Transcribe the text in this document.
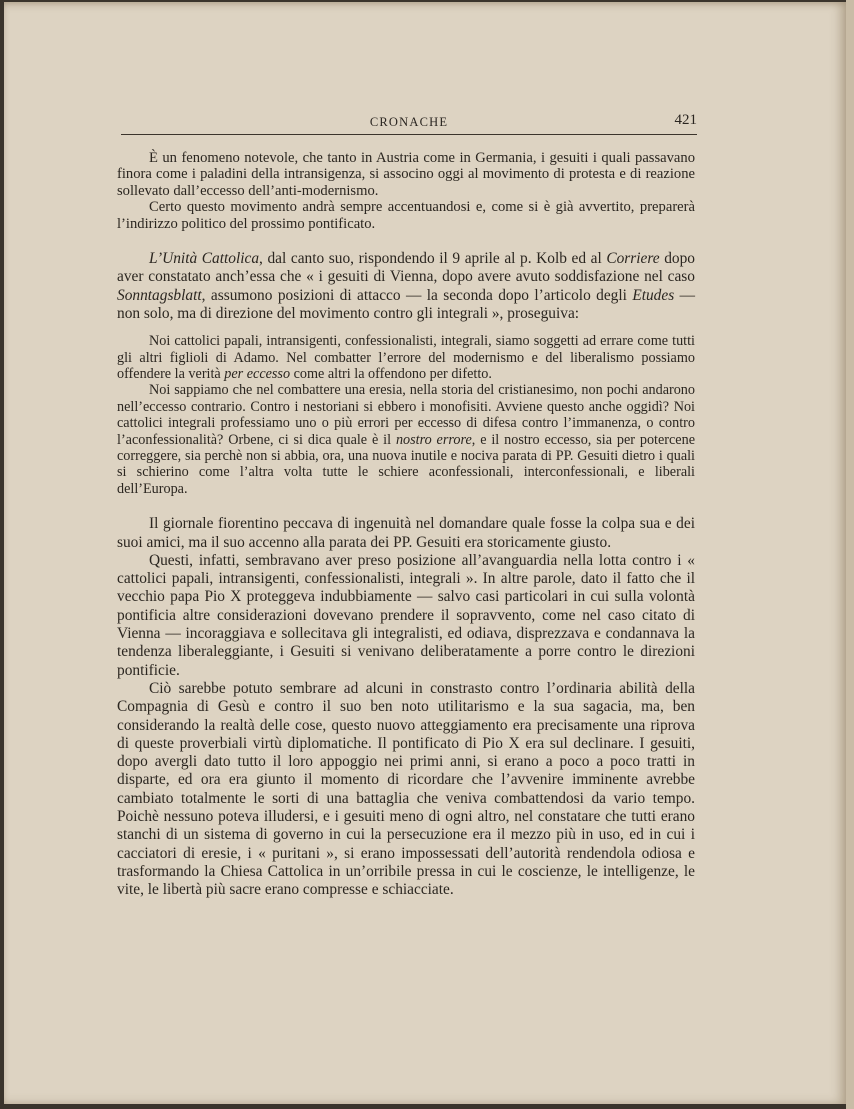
CRONACHE	421

È un fenomeno notevole, che tanto in Austria come in Germania, i gesuiti i quali passavano finora come i paladini della intransigenza, si associno oggi al movimento di protesta e di reazione sollevato dall’eccesso dell’anti-modernismo.

Certo questo movimento andrà sempre accentuandosi e, come si è già avvertito, preparerà l’indirizzo politico del prossimo pontificato.

L’Unità Cattolica, dal canto suo, rispondendo il 9 aprile al p. Kolb ed al Corriere dopo aver constatato anch’essa che « i gesuiti di Vienna, dopo avere avuto soddisfazione nel caso Sonntagsblatt, assumono posizioni di attacco — la seconda dopo l’articolo degli Etudes — non solo, ma di direzione del movimento contro gli integrali », proseguiva:

Noi cattolici papali, intransigenti, confessionalisti, integrali, siamo soggetti ad errare come tutti gli altri figlioli di Adamo. Nel combatter l’errore del modernismo e del liberalismo possiamo offendere la verità per eccesso come altri la offendono per difetto.

Noi sappiamo che nel combattere una eresia, nella storia del cristianesimo, non pochi andarono nell’eccesso contrario. Contro i nestoriani si ebbero i monofisiti. Avviene questo anche oggidì? Noi cattolici integrali professiamo uno o più errori per eccesso di difesa contro l’immanenza, o contro l’aconfessionalità? Orbene, ci si dica quale è il nostro errore, e il nostro eccesso, sia per potercene correggere, sia perchè non si abbia, ora, una nuova inutile e nociva parata di PP. Gesuiti dietro i quali si schierino come l’altra volta tutte le schiere aconfessionali, interconfessionali, e liberali dell’Europa.

Il giornale fiorentino peccava di ingenuità nel domandare quale fosse la colpa sua e dei suoi amici, ma il suo accenno alla parata dei PP. Gesuiti era storicamente giusto.

Questi, infatti, sembravano aver preso posizione all’avanguardia nella lotta contro i « cattolici papali, intransigenti, confessionalisti, integrali ». In altre parole, dato il fatto che il vecchio papa Pio X proteggeva indubbiamente — salvo casi particolari in cui sulla volontà pontificia altre considerazioni dovevano prendere il sopravvento, come nel caso citato di Vienna — incoraggiava e sollecitava gli integralisti, ed odiava, disprezzava e condannava la tendenza liberaleggiante, i Gesuiti si venivano deliberatamente a porre contro le direzioni pontificie.

Ciò sarebbe potuto sembrare ad alcuni in constrasto contro l’ordinaria abilità della Compagnia di Gesù e contro il suo ben noto utilitarismo e la sua sagacia, ma, ben considerando la realtà delle cose, questo nuovo atteggiamento era precisamente una riprova di queste proverbiali virtù diplomatiche. Il pontificato di Pio X era sul declinare. I gesuiti, dopo avergli dato tutto il loro appoggio nei primi anni, si erano a poco a poco tratti in disparte, ed ora era giunto il momento di ricordare che l’avvenire imminente avrebbe cambiato totalmente le sorti di una battaglia che veniva combattendosi da vario tempo. Poichè nessuno poteva illudersi, e i gesuiti meno di ogni altro, nel constatare che tutti erano stanchi di un sistema di governo in cui la persecuzione era il mezzo più in uso, ed in cui i cacciatori di eresie, i « puritani », si erano impossessati dell’autorità rendendola odiosa e trasformando la Chiesa Cattolica in un’orribile pressa in cui le coscienze, le intelligenze, le vite, le libertà più sacre erano compresse e schiacciate.
